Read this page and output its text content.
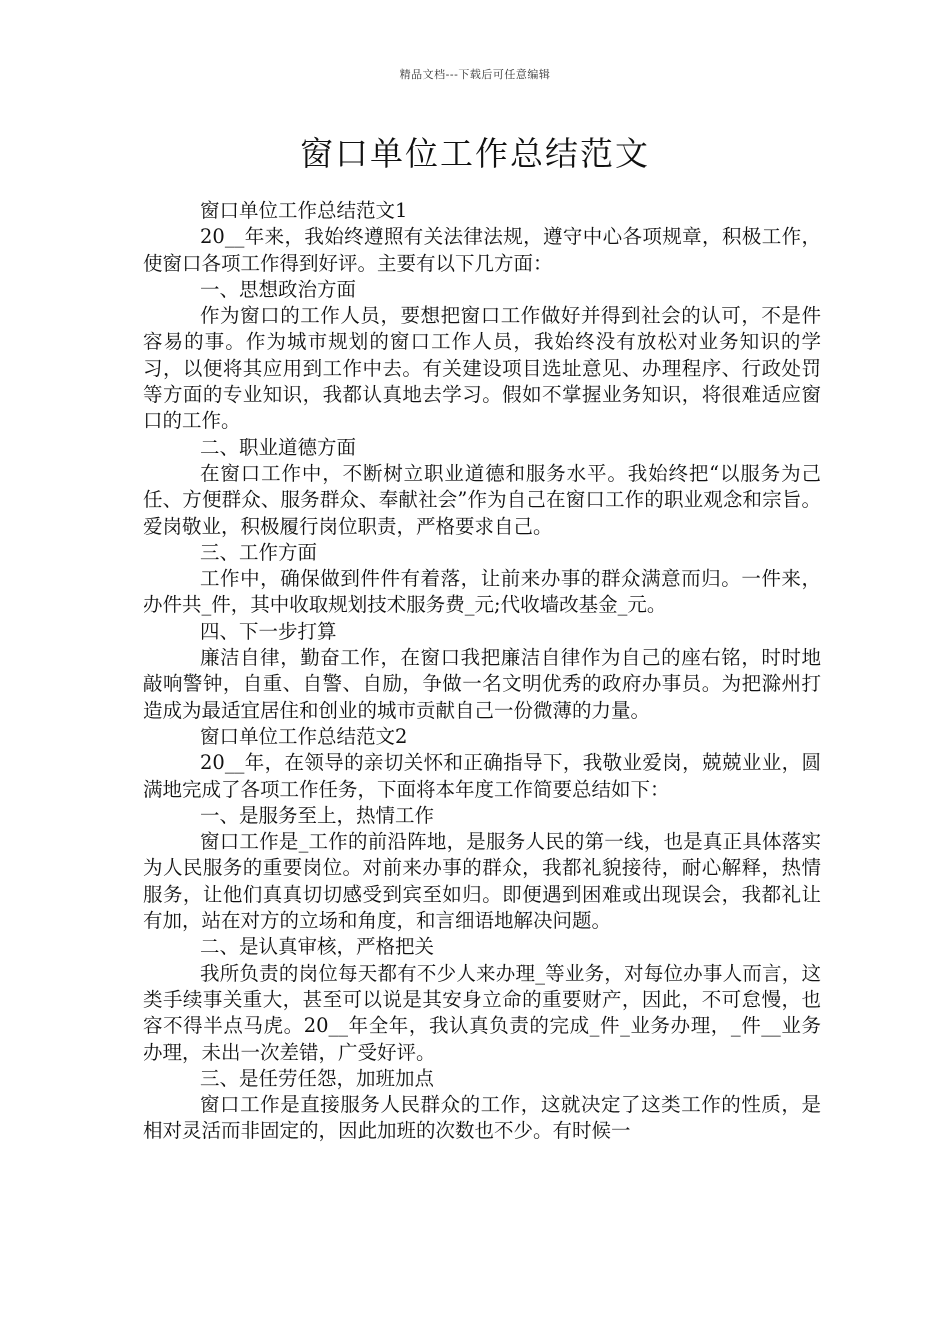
精品文档---下载后可任意编辑
窗口单位工作总结范文

窗口单位工作总结范文1

20__年来，我始终遵照有关法律法规，遵守中心各项规章，积极工作，使窗口各项工作得到好评。主要有以下几方面：

一、思想政治方面

作为窗口的工作人员，要想把窗口工作做好并得到社会的认可，不是件容易的事。作为城市规划的窗口工作人员，我始终没有放松对业务知识的学习，以便将其应用到工作中去。有关建设项目选址意见、办理程序、行政处罚等方面的专业知识，我都认真地去学习。假如不掌握业务知识，将很难适应窗口的工作。

二、职业道德方面

在窗口工作中，不断树立职业道德和服务水平。我始终把“以服务为己任、方便群众、服务群众、奉献社会”作为自己在窗口工作的职业观念和宗旨。爱岗敬业，积极履行岗位职责，严格要求自己。

三、工作方面

工作中，确保做到件件有着落，让前来办事的群众满意而归。一件来，办件共_件，其中收取规划技术服务费_元;代收墙改基金_元。

四、下一步打算

廉洁自律，勤奋工作，在窗口我把廉洁自律作为自己的座右铭，时时地敲响警钟，自重、自警、自励，争做一名文明优秀的政府办事员。为把滁州打造成为最适宜居住和创业的城市贡献自己一份微薄的力量。

窗口单位工作总结范文2

20__年，在领导的亲切关怀和正确指导下，我敬业爱岗，兢兢业业，圆满地完成了各项工作任务，下面将本年度工作简要总结如下：

一、是服务至上，热情工作

窗口工作是_工作的前沿阵地，是服务人民的第一线，也是真正具体落实为人民服务的重要岗位。对前来办事的群众，我都礼貌接待，耐心解释，热情服务，让他们真真切切感受到宾至如归。即便遇到困难或出现误会，我都礼让有加，站在对方的立场和角度，和言细语地解决问题。

二、是认真审核，严格把关

我所负责的岗位每天都有不少人来办理_等业务，对每位办事人而言，这类手续事关重大，甚至可以说是其安身立命的重要财产，因此，不可怠慢，也容不得半点马虎。20__年全年，我认真负责的完成_件_业务办理，_件__业务办理，未出一次差错，广受好评。

三、是任劳任怨，加班加点

窗口工作是直接服务人民群众的工作，这就决定了这类工作的性质，是相对灵活而非固定的，因此加班的次数也不少。有时候一
